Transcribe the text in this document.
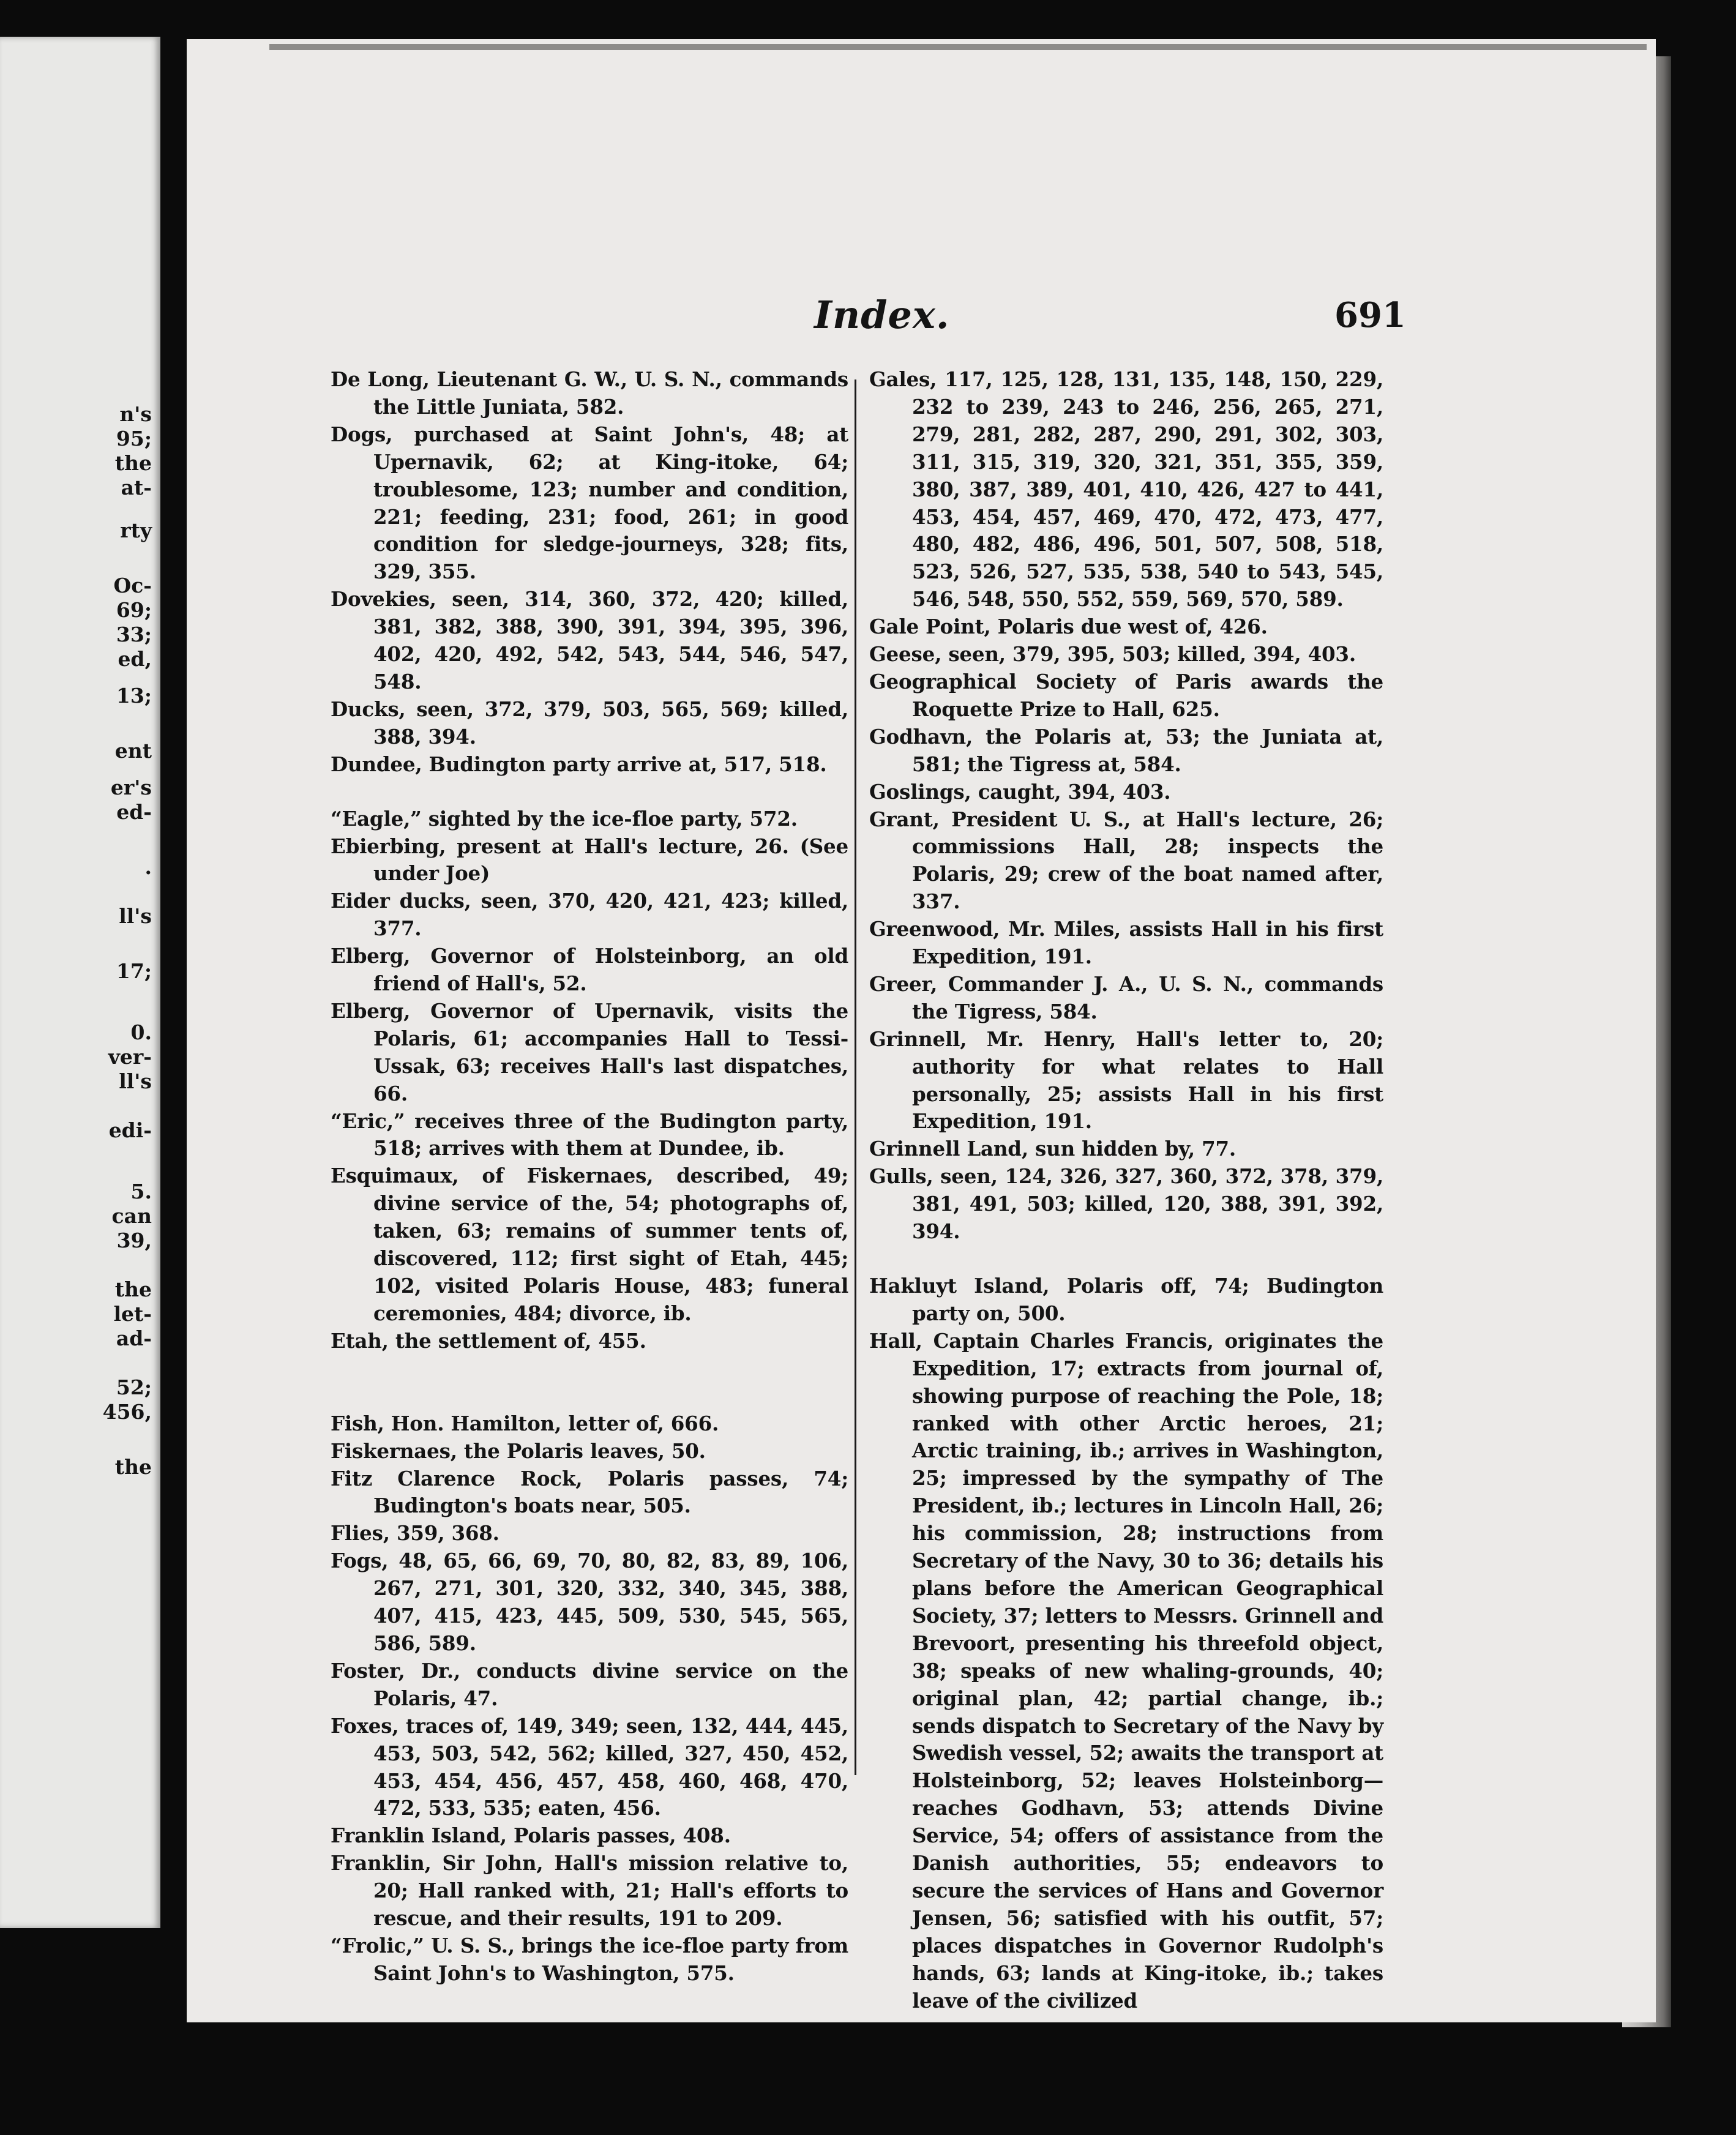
n's
95;
the
at-
rty
Oc-
69;
33;
ed,
13;
ent
er's
ed-
.
ll's
17;
0.
ver-
ll's
edi-
5.
can
39,
the
let-
ad-
52;
456,
the
Index.	691
De Long, Lieutenant G. W., U. S. N., commands the Little Juniata, 582.
Dogs, purchased at Saint John's, 48; at Upernavik, 62; at King-itoke, 64; troublesome, 123; number and condition, 221; feeding, 231; food, 261; in good condition for sledge-journeys, 328; fits, 329, 355.
Dovekies, seen, 314, 360, 372, 420; killed, 381, 382, 388, 390, 391, 394, 395, 396, 402, 420, 492, 542, 543, 544, 546, 547, 548.
Ducks, seen, 372, 379, 503, 565, 569; killed, 388, 394.
Dundee, Budington party arrive at, 517, 518.
“Eagle,” sighted by the ice-floe party, 572.
Ebierbing, present at Hall's lecture, 26. (See under Joe)
Eider ducks, seen, 370, 420, 421, 423; killed, 377.
Elberg, Governor of Holsteinborg, an old friend of Hall's, 52.
Elberg, Governor of Upernavik, visits the Polaris, 61; accompanies Hall to Tessi-Ussak, 63; receives Hall's last dispatches, 66.
“Eric,” receives three of the Budington party, 518; arrives with them at Dundee, ib.
Esquimaux, of Fiskernaes, described, 49; divine service of the, 54; photographs of, taken, 63; remains of summer tents of, discovered, 112; first sight of Etah, 445; 102, visited Polaris House, 483; funeral ceremonies, 484; divorce, ib.
Etah, the settlement of, 455.
Fish, Hon. Hamilton, letter of, 666.
Fiskernaes, the Polaris leaves, 50.
Fitz Clarence Rock, Polaris passes, 74; Budington's boats near, 505.
Flies, 359, 368.
Fogs, 48, 65, 66, 69, 70, 80, 82, 83, 89, 106, 267, 271, 301, 320, 332, 340, 345, 388, 407, 415, 423, 445, 509, 530, 545, 565, 586, 589.
Foster, Dr., conducts divine service on the Polaris, 47.
Foxes, traces of, 149, 349; seen, 132, 444, 445, 453, 503, 542, 562; killed, 327, 450, 452, 453, 454, 456, 457, 458, 460, 468, 470, 472, 533, 535; eaten, 456.
Franklin Island, Polaris passes, 408.
Franklin, Sir John, Hall's mission relative to, 20; Hall ranked with, 21; Hall's efforts to rescue, and their results, 191 to 209.
“Frolic,” U. S. S., brings the ice-floe party from Saint John's to Washington, 575.
Gales, 117, 125, 128, 131, 135, 148, 150, 229, 232 to 239, 243 to 246, 256, 265, 271, 279, 281, 282, 287, 290, 291, 302, 303, 311, 315, 319, 320, 321, 351, 355, 359, 380, 387, 389, 401, 410, 426, 427 to 441, 453, 454, 457, 469, 470, 472, 473, 477, 480, 482, 486, 496, 501, 507, 508, 518, 523, 526, 527, 535, 538, 540 to 543, 545, 546, 548, 550, 552, 559, 569, 570, 589.
Gale Point, Polaris due west of, 426.
Geese, seen, 379, 395, 503; killed, 394, 403.
Geographical Society of Paris awards the Roquette Prize to Hall, 625.
Godhavn, the Polaris at, 53; the Juniata at, 581; the Tigress at, 584.
Goslings, caught, 394, 403.
Grant, President U. S., at Hall's lecture, 26; commissions Hall, 28; inspects the Polaris, 29; crew of the boat named after, 337.
Greenwood, Mr. Miles, assists Hall in his first Expedition, 191.
Greer, Commander J. A., U. S. N., commands the Tigress, 584.
Grinnell, Mr. Henry, Hall's letter to, 20; authority for what relates to Hall personally, 25; assists Hall in his first Expedition, 191.
Grinnell Land, sun hidden by, 77.
Gulls, seen, 124, 326, 327, 360, 372, 378, 379, 381, 491, 503; killed, 120, 388, 391, 392, 394.
Hakluyt Island, Polaris off, 74; Budington party on, 500.
Hall, Captain Charles Francis, originates the Expedition, 17; extracts from journal of, showing purpose of reaching the Pole, 18; ranked with other Arctic heroes, 21; Arctic training, ib.; arrives in Washington, 25; impressed by the sympathy of The President, ib.; lectures in Lincoln Hall, 26; his commission, 28; instructions from Secretary of the Navy, 30 to 36; details his plans before the American Geographical Society, 37; letters to Messrs. Grinnell and Brevoort, presenting his threefold object, 38; speaks of new whaling-grounds, 40; original plan, 42; partial change, ib.; sends dispatch to Secretary of the Navy by Swedish vessel, 52; awaits the transport at Holsteinborg, 52; leaves Holsteinborg—reaches Godhavn, 53; attends Divine Service, 54; offers of assistance from the Danish authorities, 55; endeavors to secure the services of Hans and Governor Jensen, 56; satisfied with his outfit, 57; places dispatches in Governor Rudolph's hands, 63; lands at King-itoke, ib.; takes leave of the civilized
